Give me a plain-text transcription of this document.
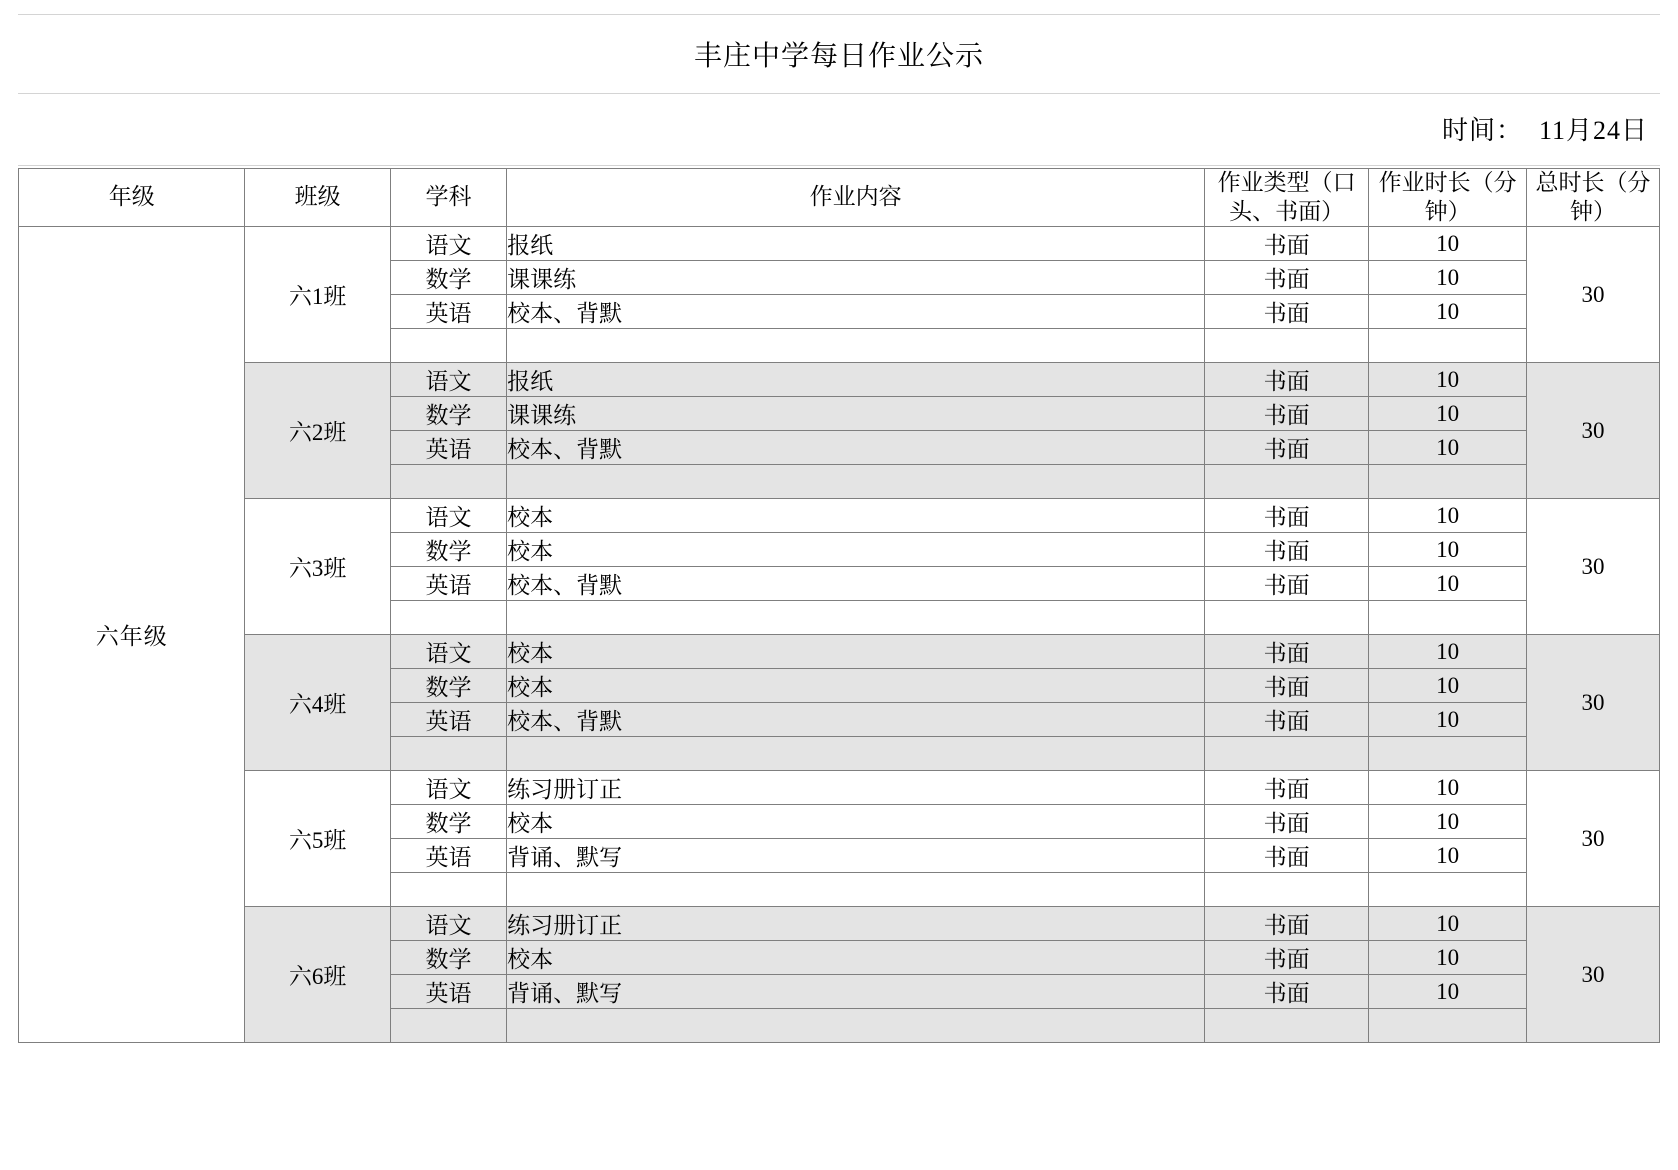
丰庄中学每日作业公示
时间： 11月24日
年级	班级	学科	作业内容	作业类型（口头、书面）	作业时长（分钟）	总时长（分钟）
六年级	六1班	语文	报纸	书面	10	30
		数学	课课练	书面	10	
		英语	校本、背默	书面	10	

	六2班	语文	报纸	书面	10	30
		数学	课课练	书面	10	
		英语	校本、背默	书面	10	

	六3班	语文	校本	书面	10	30
		数学	校本	书面	10	
		英语	校本、背默	书面	10	

	六4班	语文	校本	书面	10	30
		数学	校本	书面	10	
		英语	校本、背默	书面	10	

	六5班	语文	练习册订正	书面	10	30
		数学	校本	书面	10	
		英语	背诵、默写	书面	10	

	六6班	语文	练习册订正	书面	10	30
		数学	校本	书面	10	
		英语	背诵、默写	书面	10	
